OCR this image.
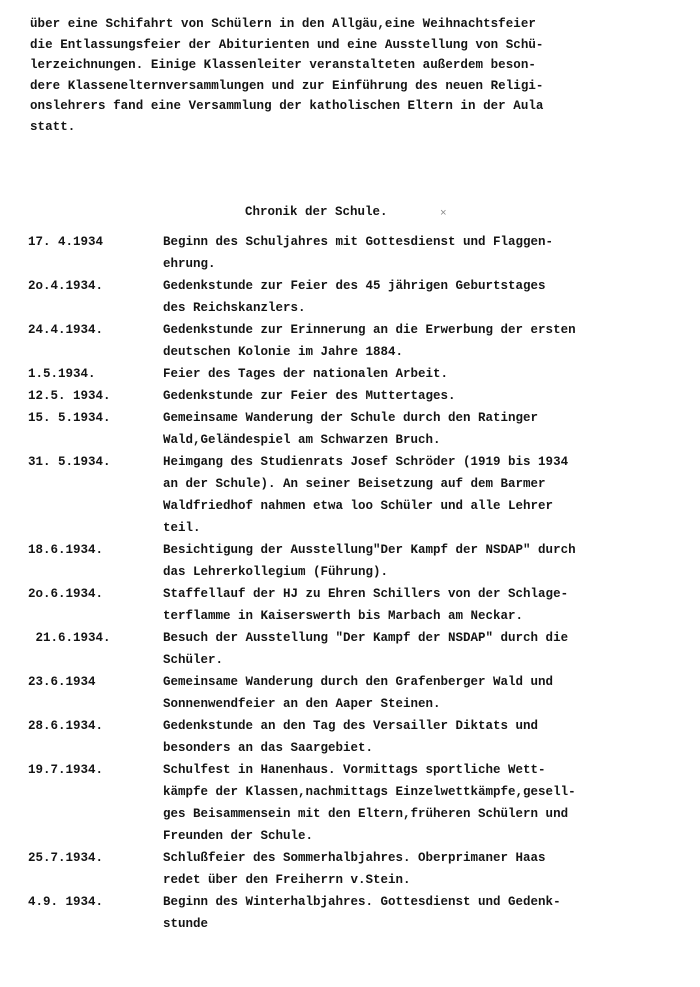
über eine Schifahrt von Schülern in den Allgäu,eine Weihnachtsfeier
die Entlassungsfeier der Abiturienten und eine Ausstellung von Schü-
lerzeichnungen. Einige Klassenleiter veranstalteten außerdem beson-
dere Klassenelternversammlungen und zur Einführung des neuen Religi-
onslehrers fand eine Versammlung der katholischen Eltern in der Aula
statt.
Chronik der Schule.	×
17. 4.1934	Beginn des Schuljahres mit Gottesdienst und Flaggen-
ehrung.
2o.4.1934.	Gedenkstunde zur Feier des 45 jährigen Geburtstages
des Reichskanzlers.
24.4.1934.	Gedenkstunde zur Erinnerung an die Erwerbung der ersten
deutschen Kolonie im Jahre 1884.
1.5.1934.	Feier des Tages der nationalen Arbeit.
12.5. 1934.	Gedenkstunde zur Feier des Muttertages.
15. 5.1934.	Gemeinsame Wanderung der Schule durch den Ratinger
Wald,Geländespiel am Schwarzen Bruch.
31. 5.1934.	Heimgang des Studienrats Josef Schröder (1919 bis 1934
an der Schule). An seiner Beisetzung auf dem Barmer
Waldfriedhof nahmen etwa loo Schüler und alle Lehrer
teil.
18.6.1934.	Besichtigung der Ausstellung"Der Kampf der NSDAP" durch
das Lehrerkollegium (Führung).
2o.6.1934.	Staffellauf der HJ zu Ehren Schillers von der Schlage-
terflamme in Kaiserswerth bis Marbach am Neckar.
21.6.1934.	Besuch der Ausstellung "Der Kampf der NSDAP" durch die
Schüler.
23.6.1934	Gemeinsame Wanderung durch den Grafenberger Wald und
Sonnenwendfeier an den Aaper Steinen.
28.6.1934.	Gedenkstunde an den Tag des Versailler Diktats und
besonders an das Saargebiet.
19.7.1934.	Schulfest in Hanenhaus. Vormittags sportliche Wett-
kämpfe der Klassen,nachmittags Einzelwettkämpfe,gesell-
ges Beisammensein mit den Eltern,früheren Schülern und
Freunden der Schule.
25.7.1934.	Schlußfeier des Sommerhalbjahres. Oberprimaner Haas
redet über den Freiherrn v.Stein.
4.9. 1934.	Beginn des Winterhalbjahres. Gottesdienst und Gedenk-
stunde
